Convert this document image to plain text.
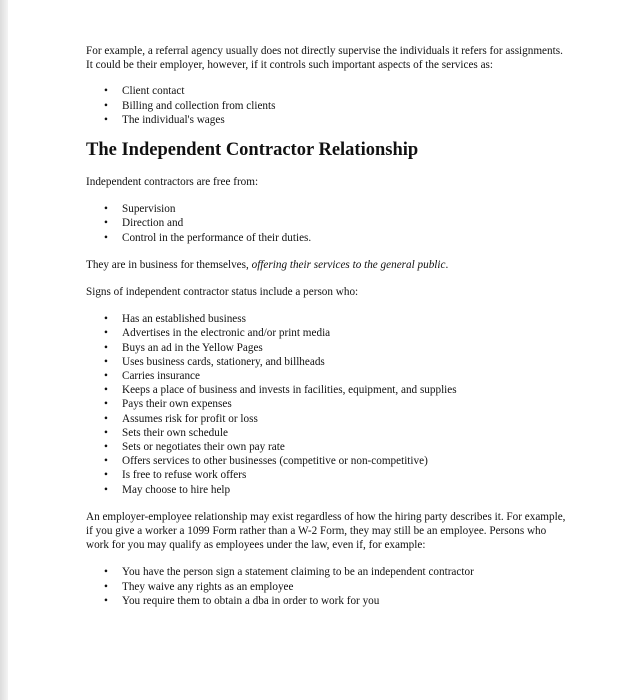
For example, a referral agency usually does not directly supervise the individuals it refers for assignments. It could be their employer, however, if it controls such important aspects of the services as:

• Client contact
• Billing and collection from clients
• The individual's wages
The Independent Contractor Relationship

Independent contractors are free from:

• Supervision
• Direction and
• Control in the performance of their duties.

They are in business for themselves, offering their services to the general public.

Signs of independent contractor status include a person who:

• Has an established business
• Advertises in the electronic and/or print media
• Buys an ad in the Yellow Pages
• Uses business cards, stationery, and billheads
• Carries insurance
• Keeps a place of business and invests in facilities, equipment, and supplies
• Pays their own expenses
• Assumes risk for profit or loss
• Sets their own schedule
• Sets or negotiates their own pay rate
• Offers services to other businesses (competitive or non-competitive)
• Is free to refuse work offers
• May choose to hire help

An employer-employee relationship may exist regardless of how the hiring party describes it. For example, if you give a worker a 1099 Form rather than a W-2 Form, they may still be an employee. Persons who work for you may qualify as employees under the law, even if, for example:

• You have the person sign a statement claiming to be an independent contractor
• They waive any rights as an employee
• You require them to obtain a dba in order to work for you
